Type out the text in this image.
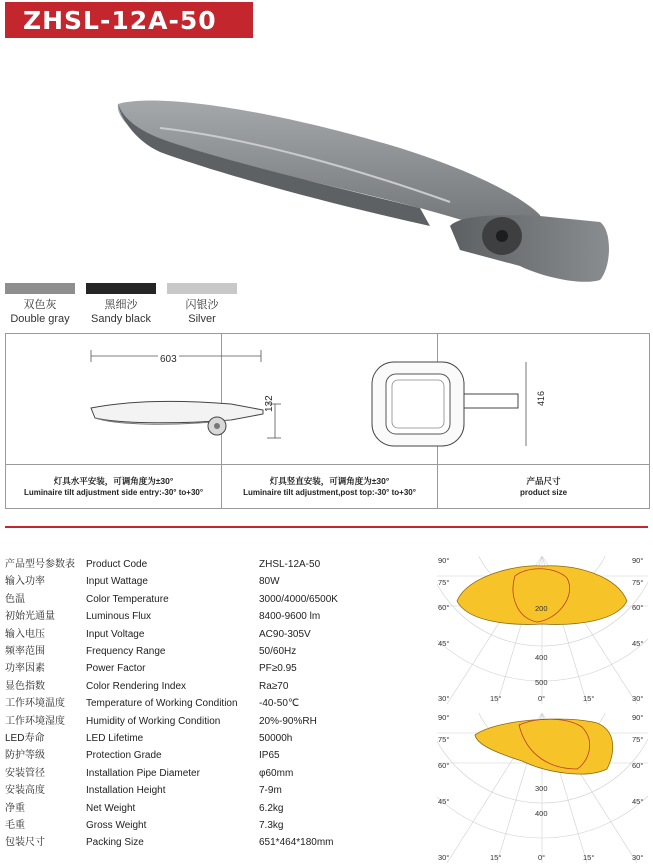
ZHSL-12A-50
双色灰
Double gray
黑细沙
Sandy black
闪银沙
Silver
603
132	416
灯具水平安装，可调角度为±30°
Luminaire tilt adjustment side entry:-30° to+30°
灯具竖直安装，可调角度为±30°
Luminaire tilt adjustment,post top:-30° to+30°
产品尺寸
product size
产品型号参数表	Product Code	ZHSL-12A-50
输入功率	Input Wattage	80W
色温	Color Temperature	3000/4000/6500K
初始光通量	Luminous Flux	8400-9600 lm
输入电压	Input Voltage	AC90-305V
频率范围	Frequency Range	50/60Hz
功率因素	Power Factor	PF≥0.95
显色指数	Color Rendering Index	Ra≥70
工作环境温度	Temperature of Working Condition	-40-50℃
工作环境湿度	Humidity of Working Condition	20%-90%RH
LED寿命	LED Lifetime	50000h
防护等级	Protection Grade	IP65
安装管径	Installation Pipe Diameter	φ60mm
安装高度	Installation Height	7-9m
净重	Net Weight	6.2kg
毛重	Gross Weight	7.3kg
包装尺寸	Packing Size	651*464*180mm
90°	90°
75°
60°
45°
75°
60°
45°
30°	15°	0°	15°	30°
200
400
500
90°	90°
75°
60°
45°
75°
60°
45°
30°	15°	0°	15°	30°
300
400
